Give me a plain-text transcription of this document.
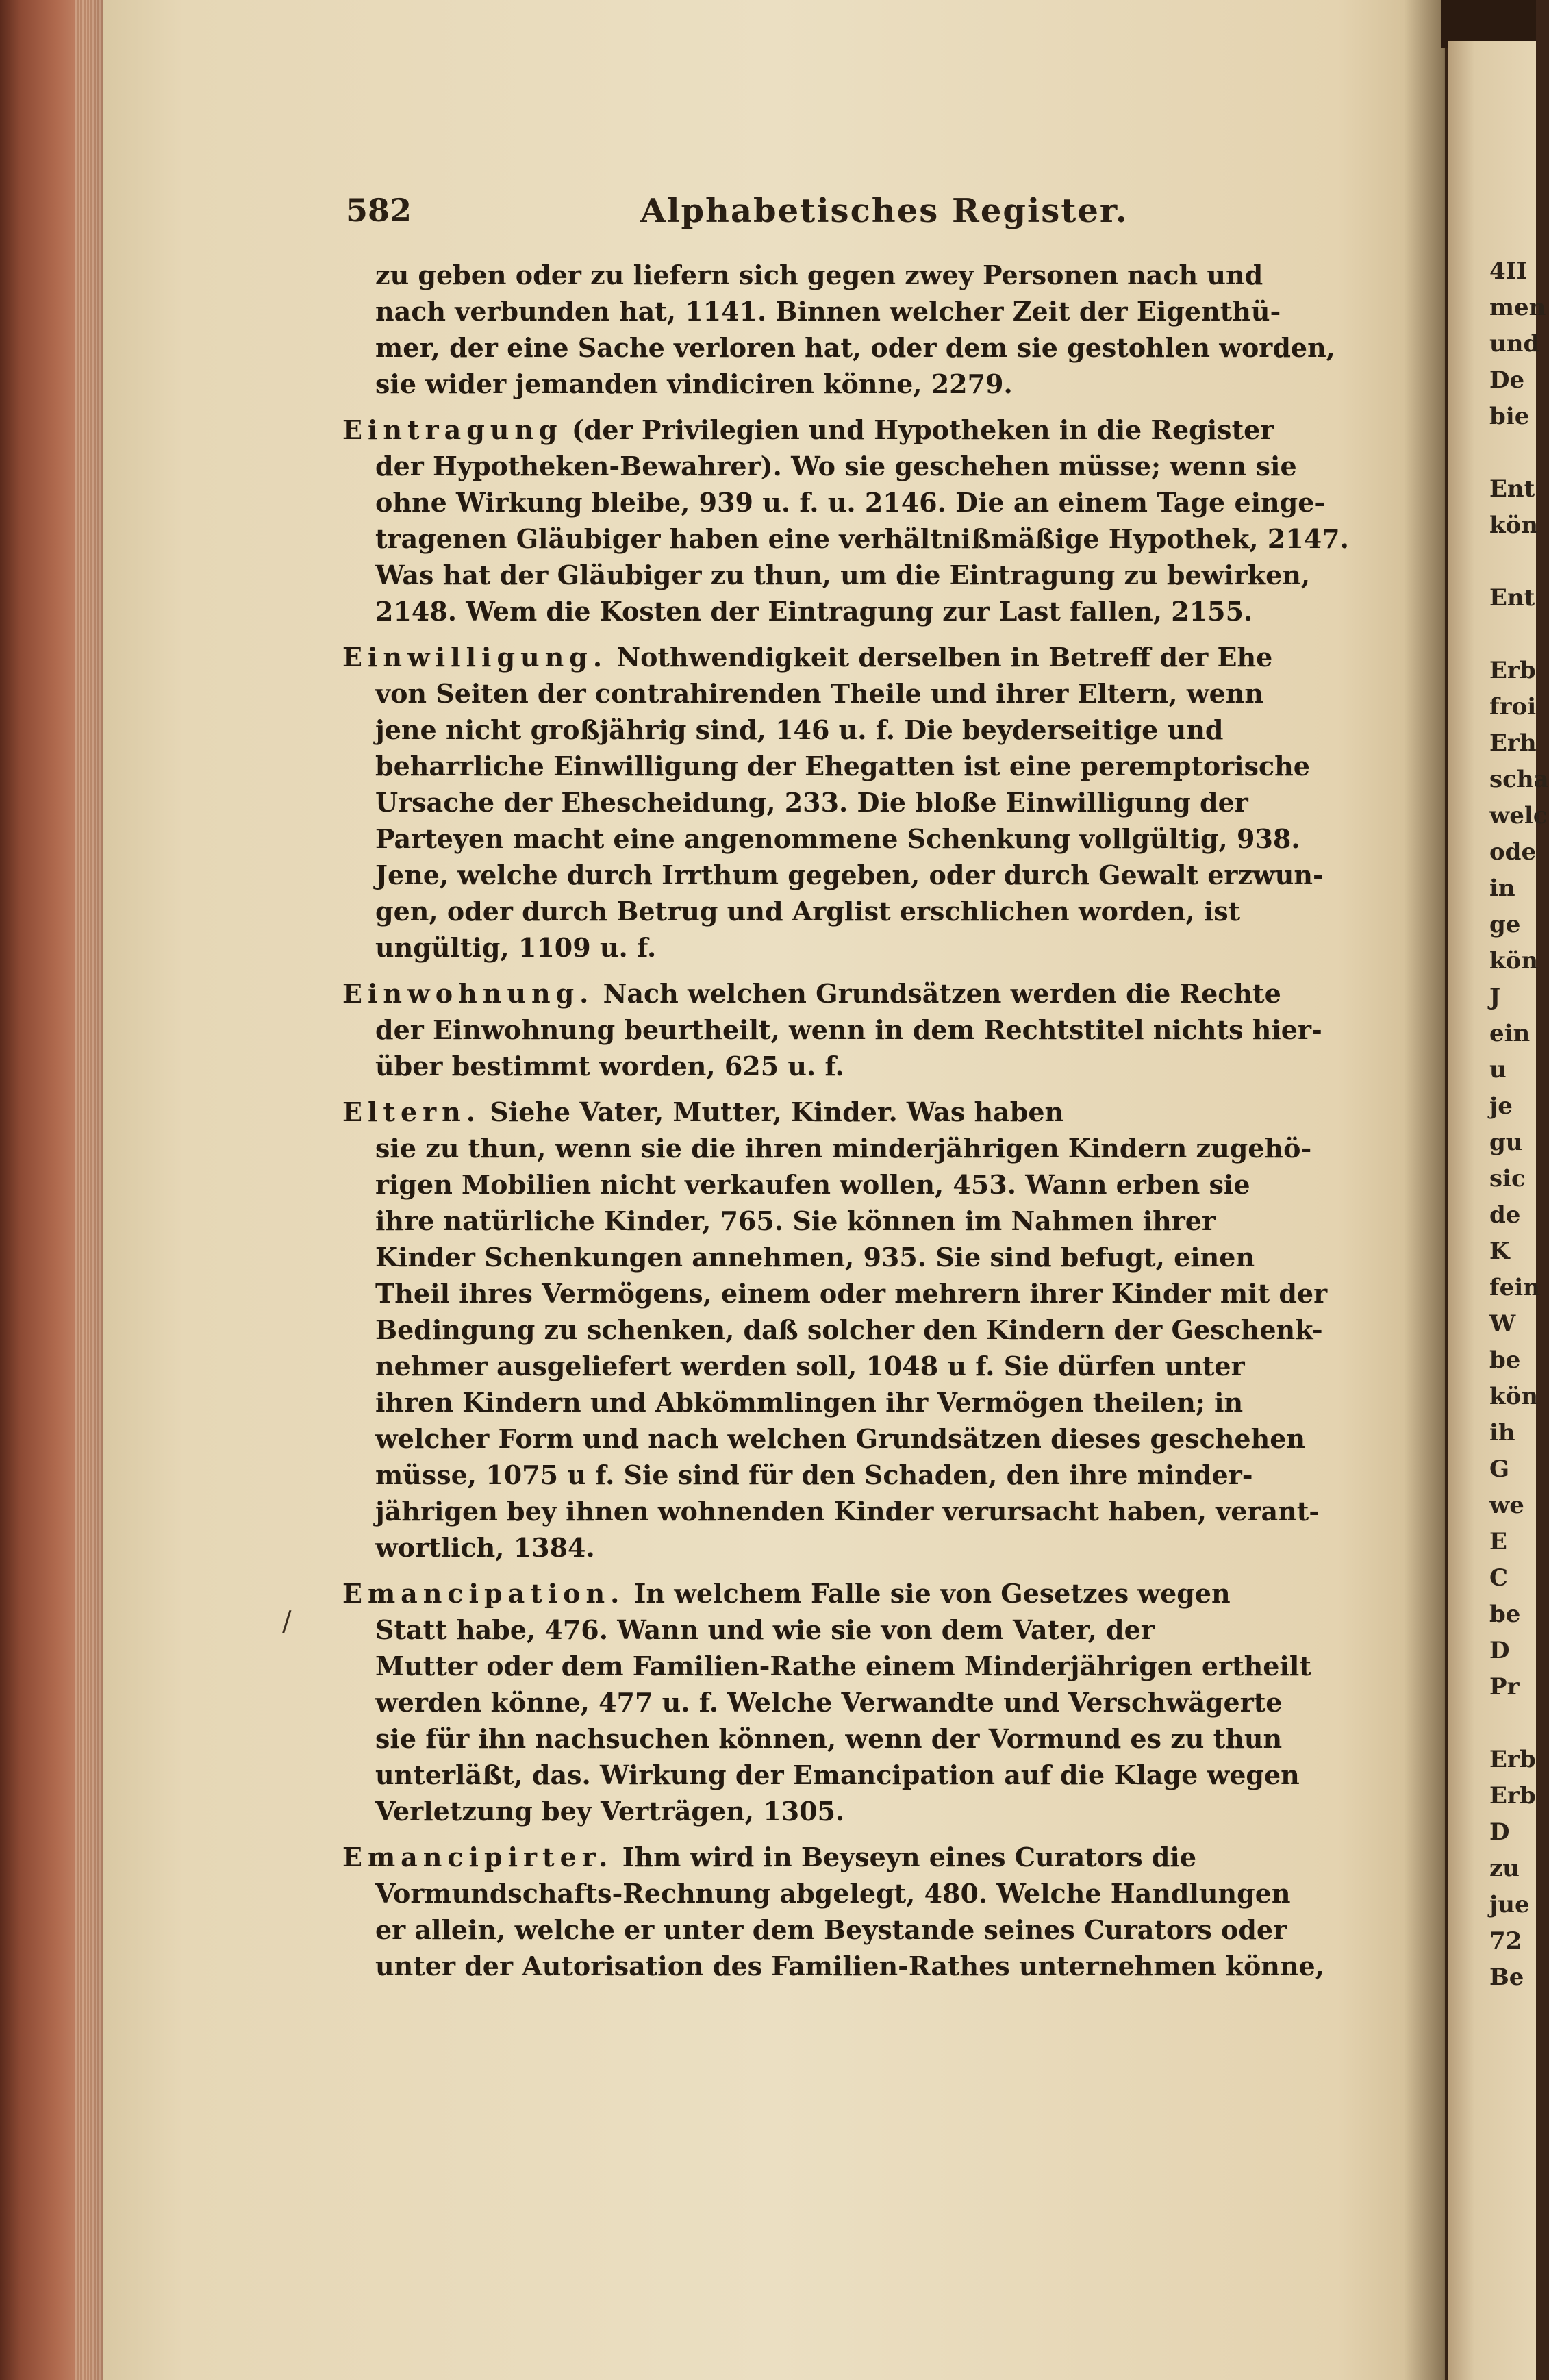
4II
men
und
De
bie
Ent
kön
Ent
Erb
froi
Erh
scha
welc
ode
in
ge
kön
J
ein
u
je
gu
sic
de
K
fein
W
be
kön
ih
G
we
E
C
be
D
Pr
Erb
Erb
D
zu
jue
72
Be
582	Alphabetisches Register.
/
zu geben oder zu liefern sich gegen zwey Personen nach und
nach verbunden hat, 1141. Binnen welcher Zeit der Eigenthü-
mer, der eine Sache verloren hat, oder dem sie gestohlen worden,
sie wider jemanden vindiciren könne, 2279.
Eintragung (der Privilegien und Hypotheken in die Register
der Hypotheken-Bewahrer). Wo sie geschehen müsse; wenn sie
ohne Wirkung bleibe, 939 u. f. u. 2146. Die an einem Tage einge-
tragenen Gläubiger haben eine verhältnißmäßige Hypothek, 2147.
Was hat der Gläubiger zu thun, um die Eintragung zu bewirken,
2148. Wem die Kosten der Eintragung zur Last fallen, 2155.
Einwilligung. Nothwendigkeit derselben in Betreff der Ehe
von Seiten der contrahirenden Theile und ihrer Eltern, wenn
jene nicht großjährig sind, 146 u. f. Die beyderseitige und
beharrliche Einwilligung der Ehegatten ist eine peremptorische
Ursache der Ehescheidung, 233. Die bloße Einwilligung der
Parteyen macht eine angenommene Schenkung vollgültig, 938.
Jene, welche durch Irrthum gegeben, oder durch Gewalt erzwun-
gen, oder durch Betrug und Arglist erschlichen worden, ist
ungültig, 1109 u. f.
Einwohnung. Nach welchen Grundsätzen werden die Rechte
der Einwohnung beurtheilt, wenn in dem Rechtstitel nichts hier-
über bestimmt worden, 625 u. f.
Eltern. Siehe Vater, Mutter, Kinder. Was haben
sie zu thun, wenn sie die ihren minderjährigen Kindern zugehö-
rigen Mobilien nicht verkaufen wollen, 453. Wann erben sie
ihre natürliche Kinder, 765. Sie können im Nahmen ihrer
Kinder Schenkungen annehmen, 935. Sie sind befugt, einen
Theil ihres Vermögens, einem oder mehrern ihrer Kinder mit der
Bedingung zu schenken, daß solcher den Kindern der Geschenk-
nehmer ausgeliefert werden soll, 1048 u f. Sie dürfen unter
ihren Kindern und Abkömmlingen ihr Vermögen theilen; in
welcher Form und nach welchen Grundsätzen dieses geschehen
müsse, 1075 u f. Sie sind für den Schaden, den ihre minder-
jährigen bey ihnen wohnenden Kinder verursacht haben, verant-
wortlich, 1384.
Emancipation. In welchem Falle sie von Gesetzes wegen
Statt habe, 476. Wann und wie sie von dem Vater, der
Mutter oder dem Familien-Rathe einem Minderjährigen ertheilt
werden könne, 477 u. f. Welche Verwandte und Verschwägerte
sie für ihn nachsuchen können, wenn der Vormund es zu thun
unterläßt, das. Wirkung der Emancipation auf die Klage wegen
Verletzung bey Verträgen, 1305.
Emancipirter. Ihm wird in Beyseyn eines Curators die
Vormundschafts-Rechnung abgelegt, 480. Welche Handlungen
er allein, welche er unter dem Beystande seines Curators oder
unter der Autorisation des Familien-Rathes unternehmen könne,
